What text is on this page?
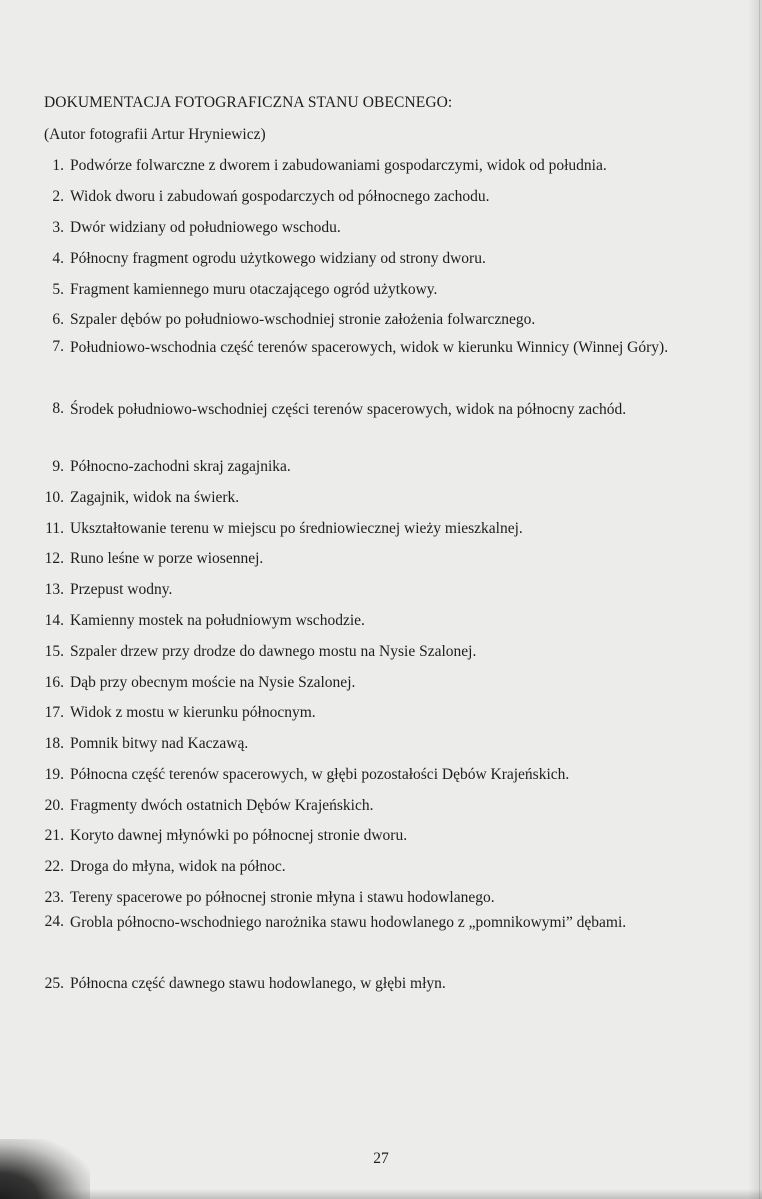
DOKUMENTACJA FOTOGRAFICZNA STANU OBECNEGO:
(Autor fotografii Artur Hryniewicz)
1. Podwórze folwarczne z dworem i zabudowaniami gospodarczymi, widok od południa.
2. Widok dworu i zabudowań gospodarczych od północnego zachodu.
3. Dwór widziany od południowego wschodu.
4. Północny fragment ogrodu użytkowego widziany od strony dworu.
5. Fragment kamiennego muru otaczającego ogród użytkowy.
6. Szpaler dębów po południowo-wschodniej stronie założenia folwarcznego.
7. Południowo-wschodnia część terenów spacerowych, widok w kierunku Winnicy (Winnej Góry).
8. Środek południowo-wschodniej części terenów spacerowych, widok na północny zachód.
9. Północno-zachodni skraj zagajnika.
10. Zagajnik, widok na świerk.
11. Ukształtowanie terenu w miejscu po średniowiecznej wieży mieszkalnej.
12. Runo leśne w porze wiosennej.
13. Przepust wodny.
14. Kamienny mostek na południowym wschodzie.
15. Szpaler drzew przy drodze do dawnego mostu na Nysie Szalonej.
16. Dąb przy obecnym moście na Nysie Szalonej.
17. Widok z mostu w kierunku północnym.
18. Pomnik bitwy nad Kaczawą.
19. Północna część terenów spacerowych, w głębi pozostałości Dębów Krajeńskich.
20. Fragmenty dwóch ostatnich Dębów Krajeńskich.
21. Koryto dawnej młynówki po północnej stronie dworu.
22. Droga do młyna, widok na północ.
23. Tereny spacerowe po północnej stronie młyna i stawu hodowlanego.
24. Grobla północno-wschodniego narożnika stawu hodowlanego z „pomnikowymi” dębami.
25. Północna część dawnego stawu hodowlanego, w głębi młyn.
27
